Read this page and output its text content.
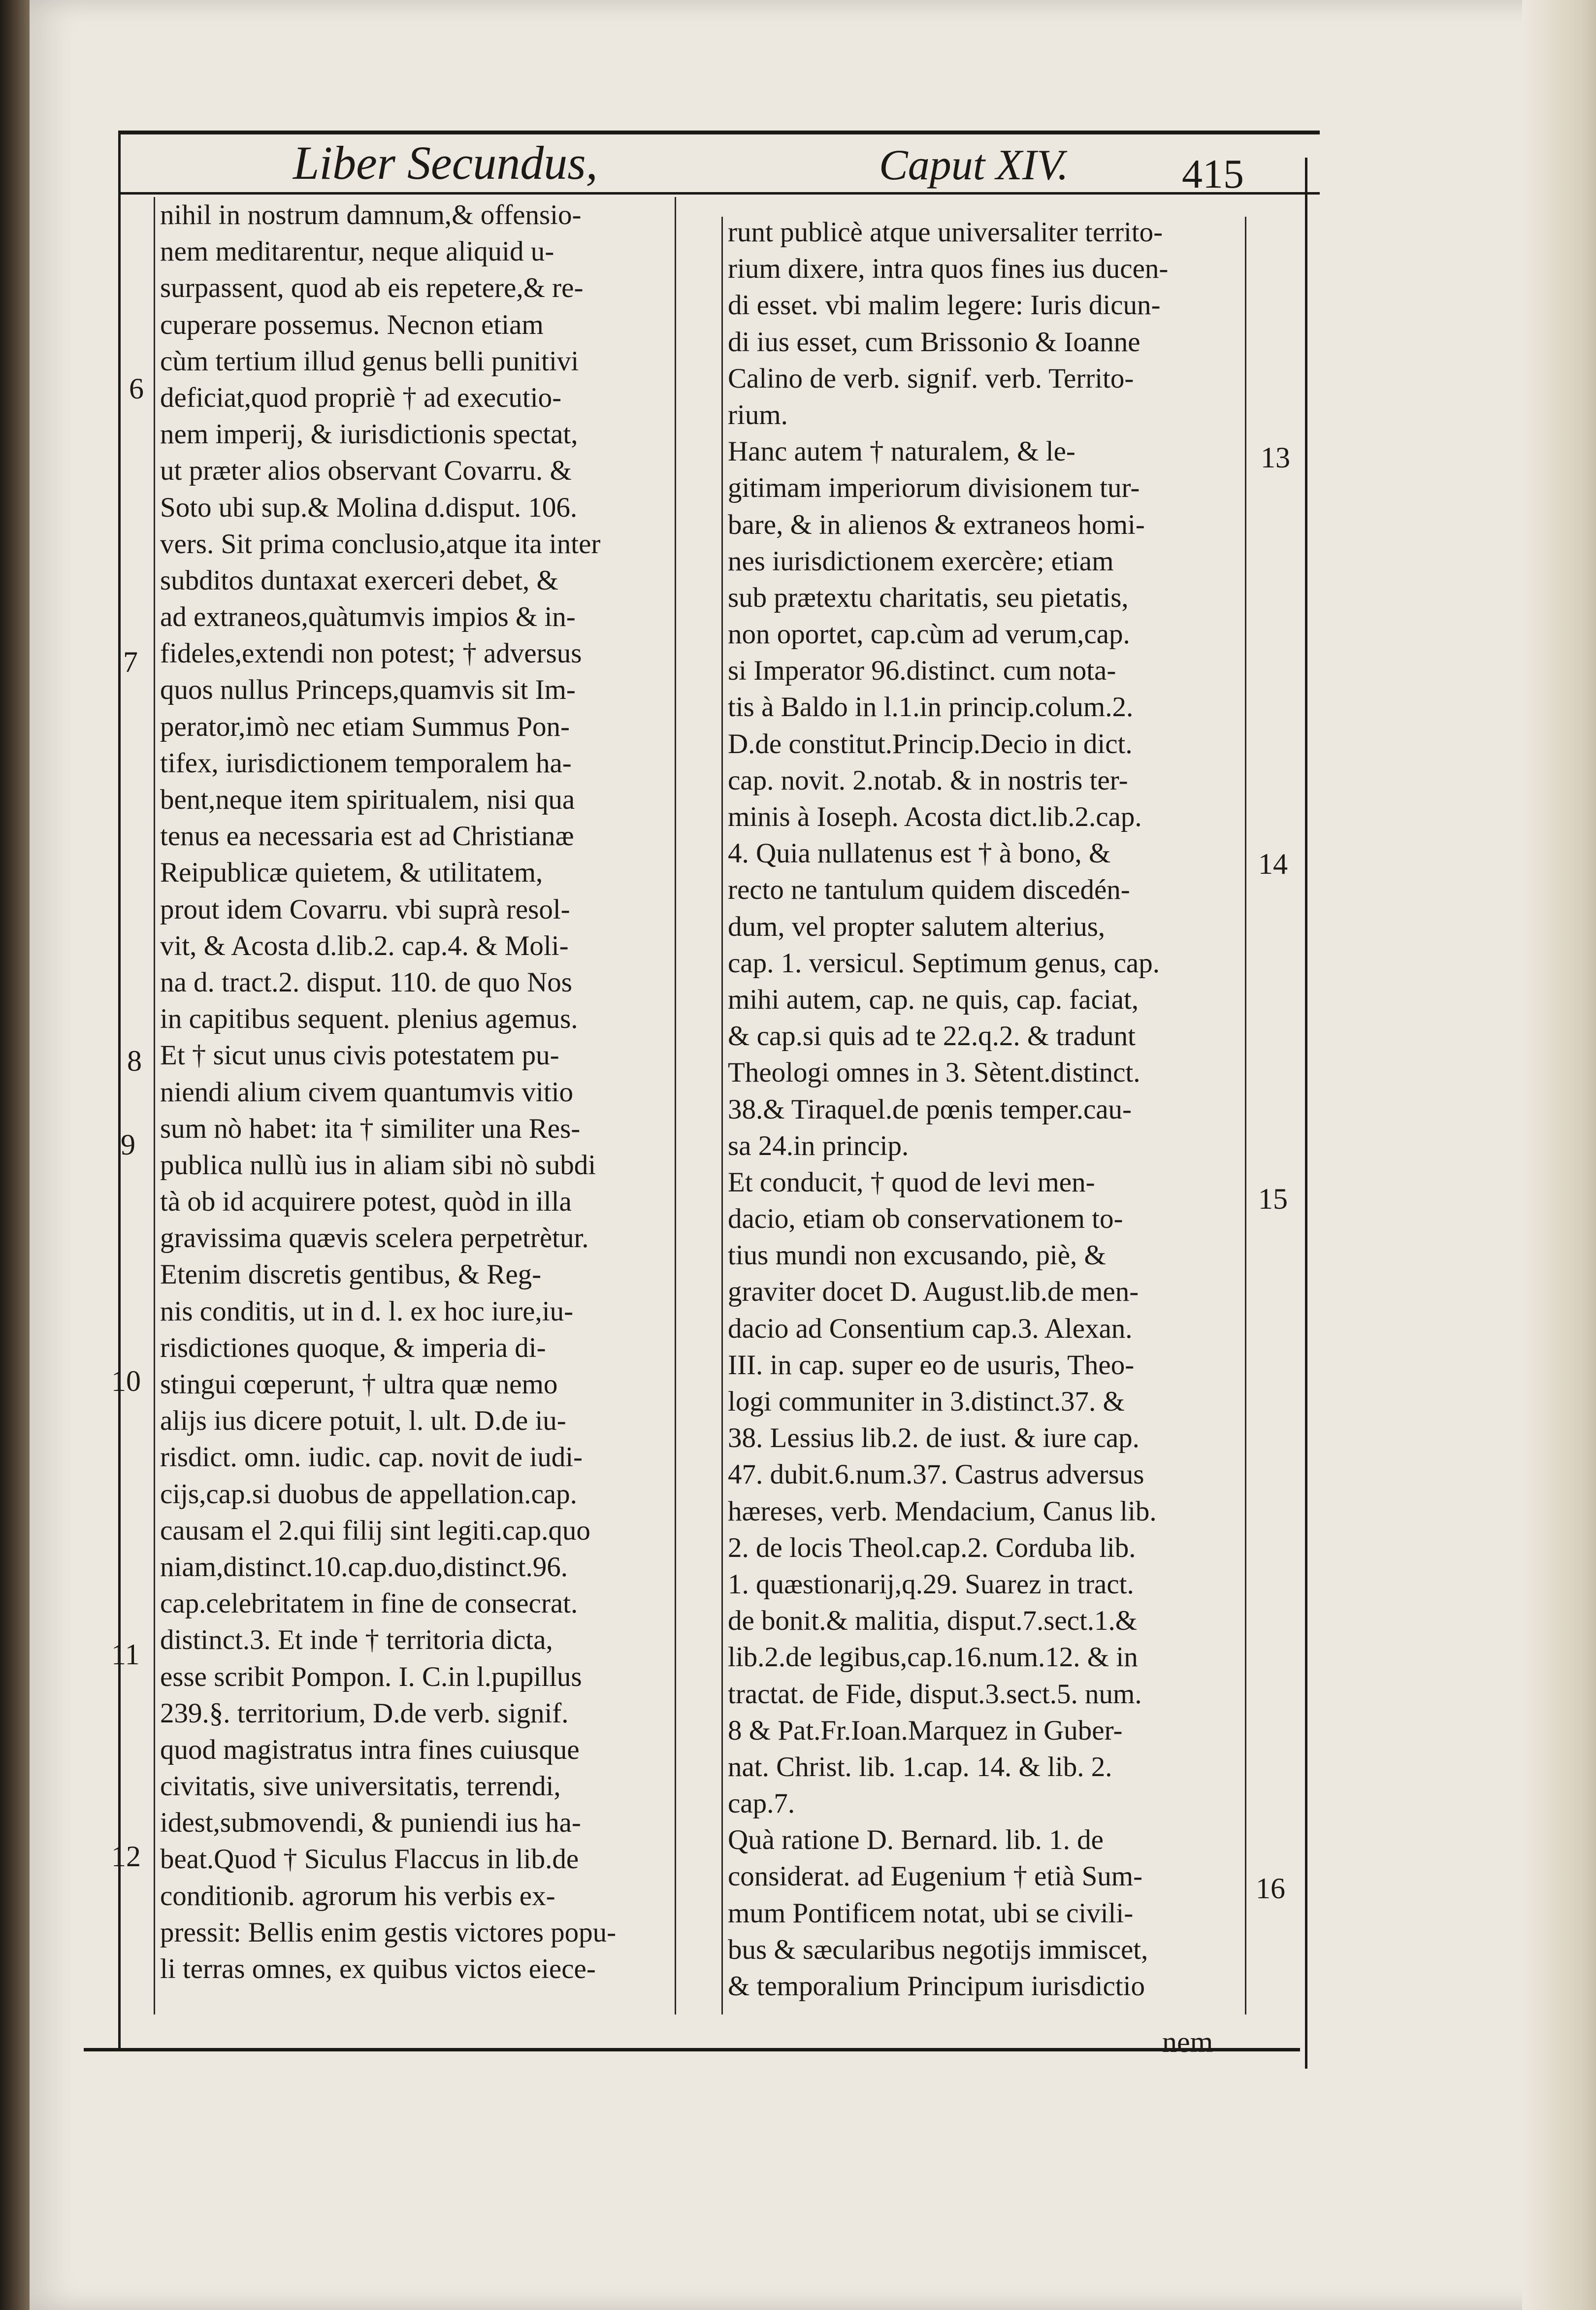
Liber Secundus,	Caput XIV.	415
nihil in nostrum damnum,& offensio-
nem meditarentur, neque aliquid u-
surpassent, quod ab eis repetere,& re-
cuperare possemus. Necnon etiam
cùm tertium illud genus belli punitivi
deficiat,quod propriè † ad executio-
nem imperij, & iurisdictionis spectat,
ut præter alios observant Covarru. &
Soto ubi sup.& Molina d.disput. 106.
vers. Sit prima conclusio,atque ita inter
subditos duntaxat exerceri debet, &
ad extraneos,quàtumvis impios & in-
fideles,extendi non potest; † adversus
quos nullus Princeps,quamvis sit Im-
perator,imò nec etiam Summus Pon-
tifex, iurisdictionem temporalem ha-
bent,neque item spiritualem, nisi qua
tenus ea necessaria est ad Christianæ
Reipublicæ quietem, & utilitatem,
prout idem Covarru. vbi suprà resol-
vit, & Acosta d.lib.2. cap.4. & Moli-
na d. tract.2. disput. 110. de quo Nos
in capitibus sequent. plenius agemus.
Et † sicut unus civis potestatem pu-
niendi alium civem quantumvis vitio
sum nò habet: ita † similiter una Res-
publica nullù ius in aliam sibi nò subdi
tà ob id acquirere potest, quòd in illa
gravissima quævis scelera perpetrètur.
Etenim discretis gentibus, & Reg-
nis conditis, ut in d. l. ex hoc iure,iu-
risdictiones quoque, & imperia di-
stingui cœperunt, † ultra quæ nemo
alijs ius dicere potuit, l. ult. D.de iu-
risdict. omn. iudic. cap. novit de iudi-
cijs,cap.si duobus de appellation.cap.
causam el 2.qui filij sint legiti.cap.quo
niam,distinct.10.cap.duo,distinct.96.
cap.celebritatem in fine de consecrat.
distinct.3. Et inde † territoria dicta,
esse scribit Pompon. I. C.in l.pupillus
239.§. territorium, D.de verb. signif.
quod magistratus intra fines cuiusque
civitatis, sive universitatis, terrendi,
idest,submovendi, & puniendi ius ha-
beat.Quod † Siculus Flaccus in lib.de
conditionib. agrorum his verbis ex-
pressit: Bellis enim gestis victores popu-
li terras omnes, ex quibus victos eiece-
runt publicè atque universaliter territo-
rium dixere, intra quos fines ius ducen-
di esset. vbi malim legere: Iuris dicun-
di ius esset, cum Brissonio & Ioanne
Calino de verb. signif. verb. Territo-
rium.
Hanc autem † naturalem, & le-
gitimam imperiorum divisionem tur-
bare, & in alienos & extraneos homi-
nes iurisdictionem exercère; etiam
sub prætextu charitatis, seu pietatis,
non oportet, cap.cùm ad verum,cap.
si Imperator 96.distinct. cum nota-
tis à Baldo in l.1.in princip.colum.2.
D.de constitut.Princip.Decio in dict.
cap. novit. 2.notab. & in nostris ter-
minis à Ioseph. Acosta dict.lib.2.cap.
4. Quia nullatenus est † à bono, &
recto ne tantulum quidem discedén-
dum, vel propter salutem alterius,
cap. 1. versicul. Septimum genus, cap.
mihi autem, cap. ne quis, cap. faciat,
& cap.si quis ad te 22.q.2. & tradunt
Theologi omnes in 3. Sètent.distinct.
38.& Tiraquel.de pœnis temper.cau-
sa 24.in princip.
Et conducit, † quod de levi men-
dacio, etiam ob conservationem to-
tius mundi non excusando, piè, &
graviter docet D. August.lib.de men-
dacio ad Consentium cap.3. Alexan.
III. in cap. super eo de usuris, Theo-
logi communiter in 3.distinct.37. &
38. Lessius lib.2. de iust. & iure cap.
47. dubit.6.num.37. Castrus adversus
hæreses, verb. Mendacium, Canus lib.
2. de locis Theol.cap.2. Corduba lib.
1. quæstionarij,q.29. Suarez in tract.
de bonit.& malitia, disput.7.sect.1.&
lib.2.de legibus,cap.16.num.12. & in
tractat. de Fide, disput.3.sect.5. num.
8 & Pat.Fr.Ioan.Marquez in Guber-
nat. Christ. lib. 1.cap. 14. & lib. 2.
cap.7.
Quà ratione D. Bernard. lib. 1. de
considerat. ad Eugenium † etià Sum-
mum Pontificem notat, ubi se civili-
bus & sæcularibus negotijs immiscet,
& temporalium Principum iurisdictio
6
7
8
9
10
11
12
13
14
15
16
nem
